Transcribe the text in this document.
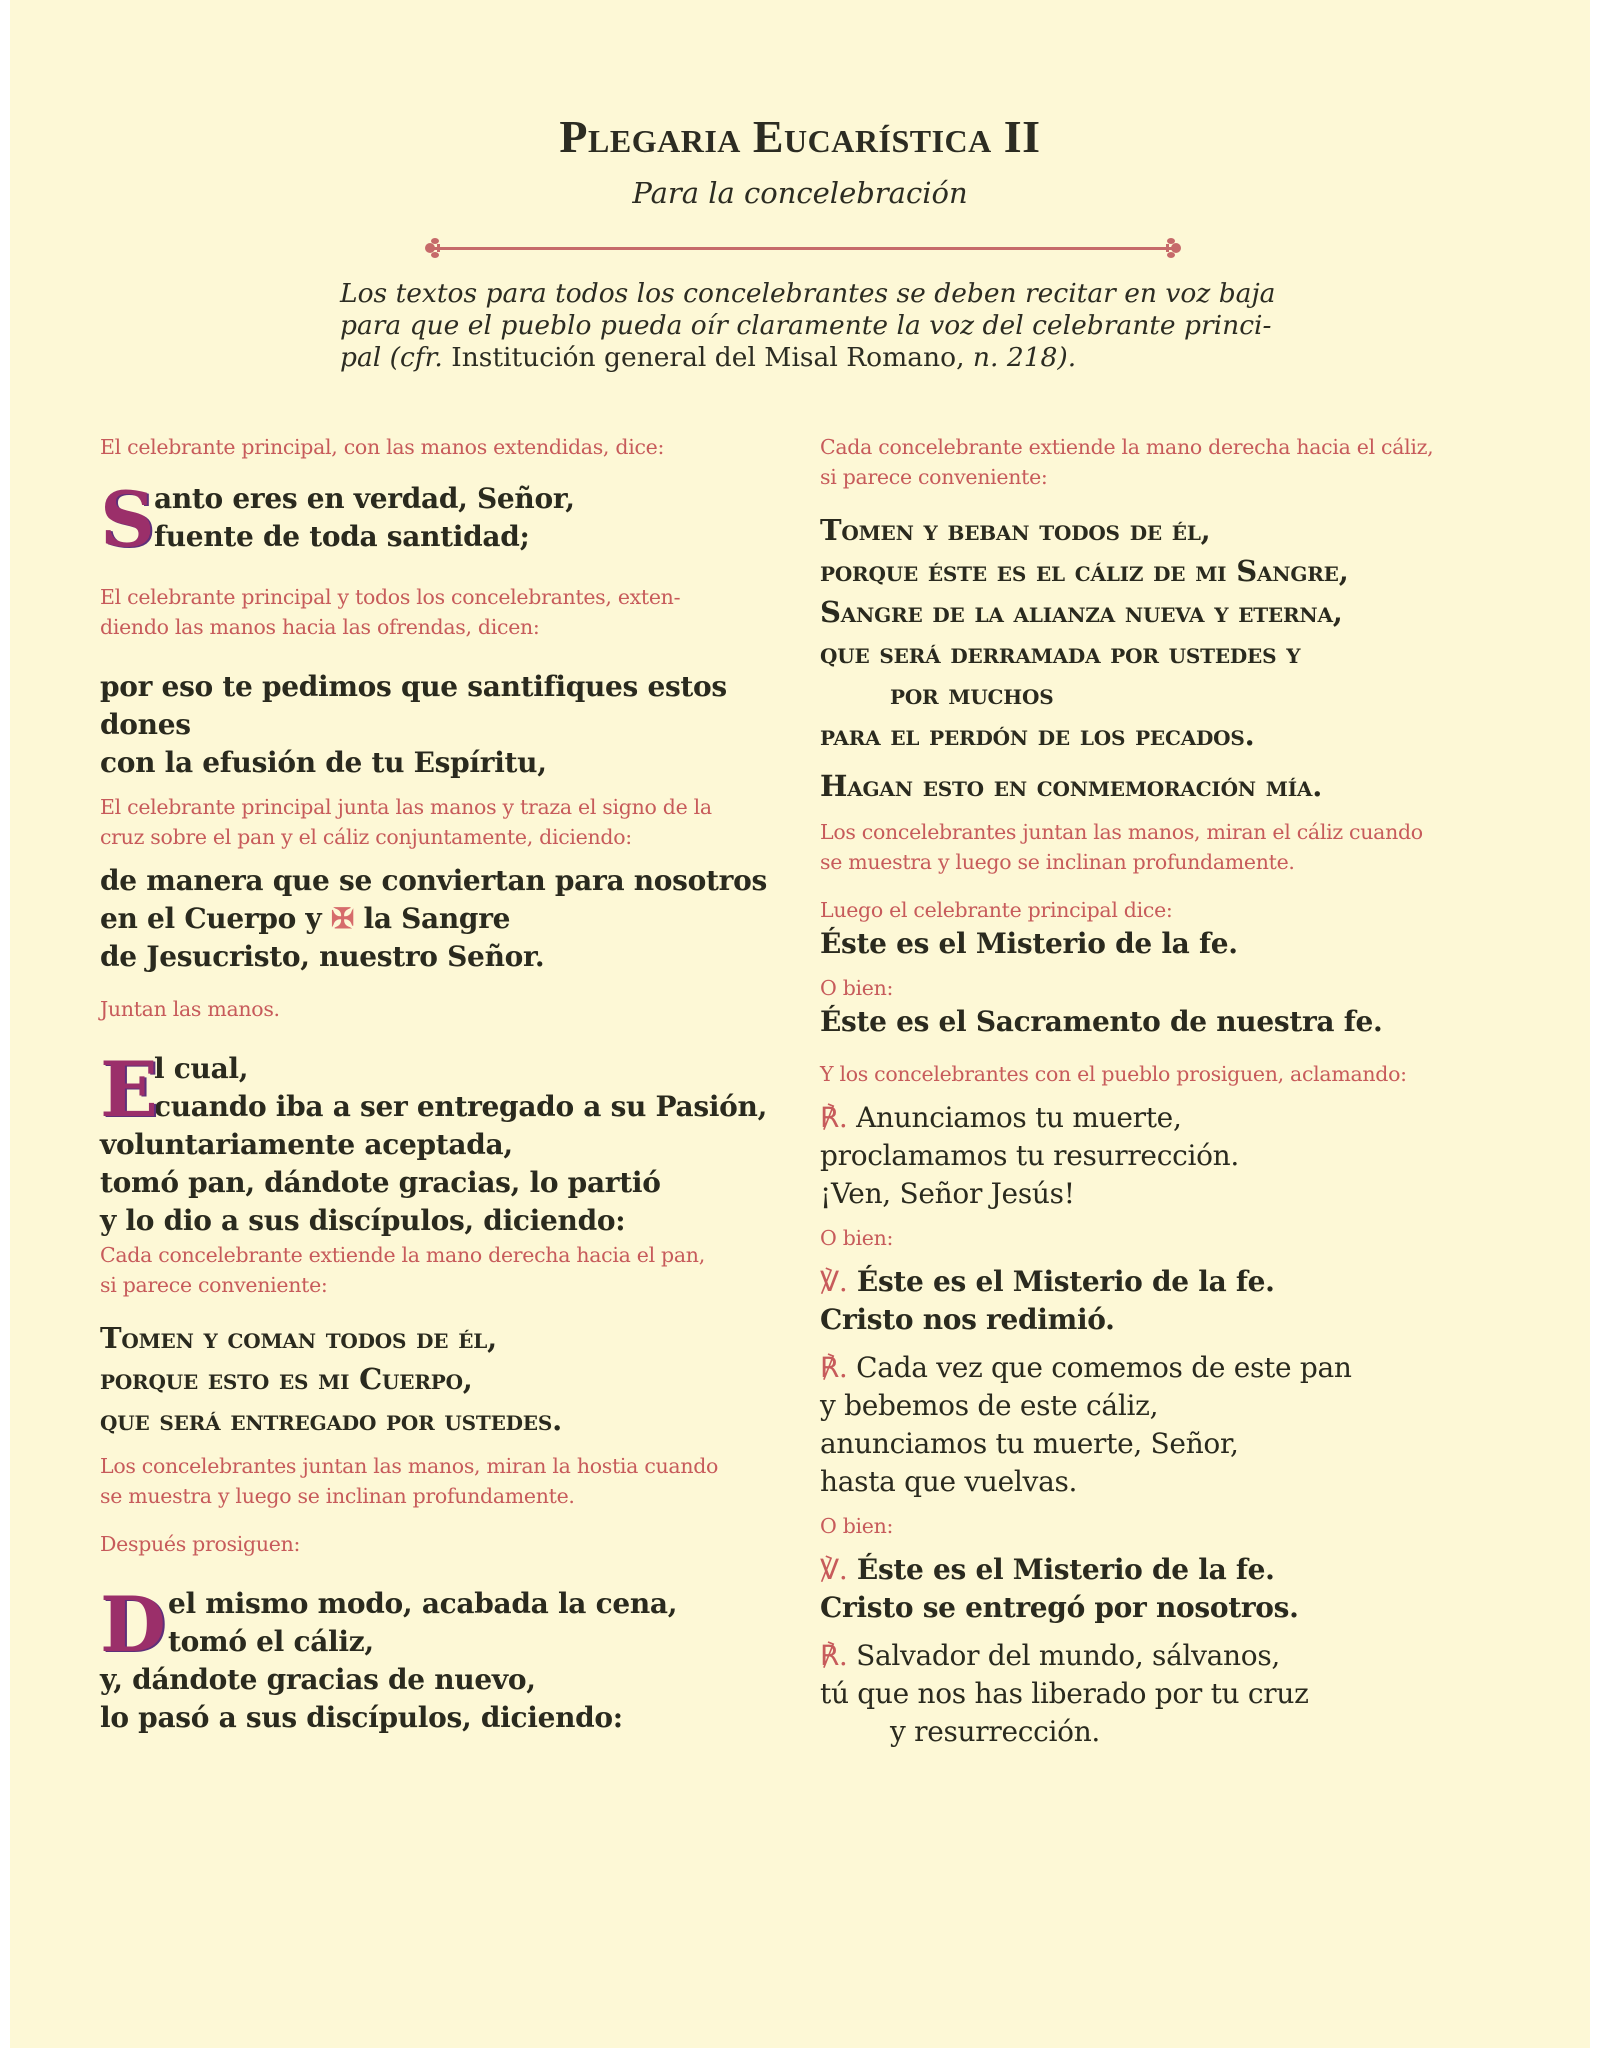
Plegaria Eucarística II
Para la concelebración
Los textos para todos los concelebrantes se deben recitar en voz baja
para que el pueblo pueda oír claramente la voz del celebrante princi-
pal (cfr. Institución general del Misal Romano, n. 218).
El celebrante principal, con las manos extendidas, dice:
S anto eres en verdad, Señor,
fuente de toda santidad;
El celebrante principal y todos los concelebrantes, exten-
diendo las manos hacia las ofrendas, dicen:
por eso te pedimos que santifiques estos dones
con la efusión de tu Espíritu,
El celebrante principal junta las manos y traza el signo de la
cruz sobre el pan y el cáliz conjuntamente, diciendo:
de manera que se conviertan para nosotros
en el Cuerpo y ✠ la Sangre
de Jesucristo, nuestro Señor.
Juntan las manos.
E
l cual,
cuando iba a ser entregado a su Pasión,
voluntariamente aceptada,
tomó pan, dándote gracias, lo partió
y lo dio a sus discípulos, diciendo:
Cada concelebrante extiende la mano derecha hacia el pan,
si parece conveniente:
Tomen y coman todos de él,
porque esto es mi Cuerpo,
que será entregado por ustedes.
Los concelebrantes juntan las manos, miran la hostia cuando
se muestra y luego se inclinan profundamente.
Después prosiguen:
D el mismo modo, acabada la cena,
tomó el cáliz,
y, dándote gracias de nuevo,
lo pasó a sus discípulos, diciendo:
Cada concelebrante extiende la mano derecha hacia el cáliz,
si parece conveniente:
Tomen y beban todos de él,
porque éste es el cáliz de mi Sangre,
Sangre de la alianza nueva y eterna,
que será derramada por ustedes y
por muchos
para el perdón de los pecados.
Hagan esto en conmemoración mía.
Los concelebrantes juntan las manos, miran el cáliz cuando
se muestra y luego se inclinan profundamente.
Luego el celebrante principal dice:
Éste es el Misterio de la fe.
O bien:
Éste es el Sacramento de nuestra fe.
Y los concelebrantes con el pueblo prosiguen, aclamando:
℟. Anunciamos tu muerte,
proclamamos tu resurrección.
¡Ven, Señor Jesús!
O bien:
℣. Éste es el Misterio de la fe.
Cristo nos redimió.
℟. Cada vez que comemos de este pan
y bebemos de este cáliz,
anunciamos tu muerte, Señor,
hasta que vuelvas.
O bien:
℣. Éste es el Misterio de la fe.
Cristo se entregó por nosotros.
℟. Salvador del mundo, sálvanos,
tú que nos has liberado por tu cruz
y resurrección.
